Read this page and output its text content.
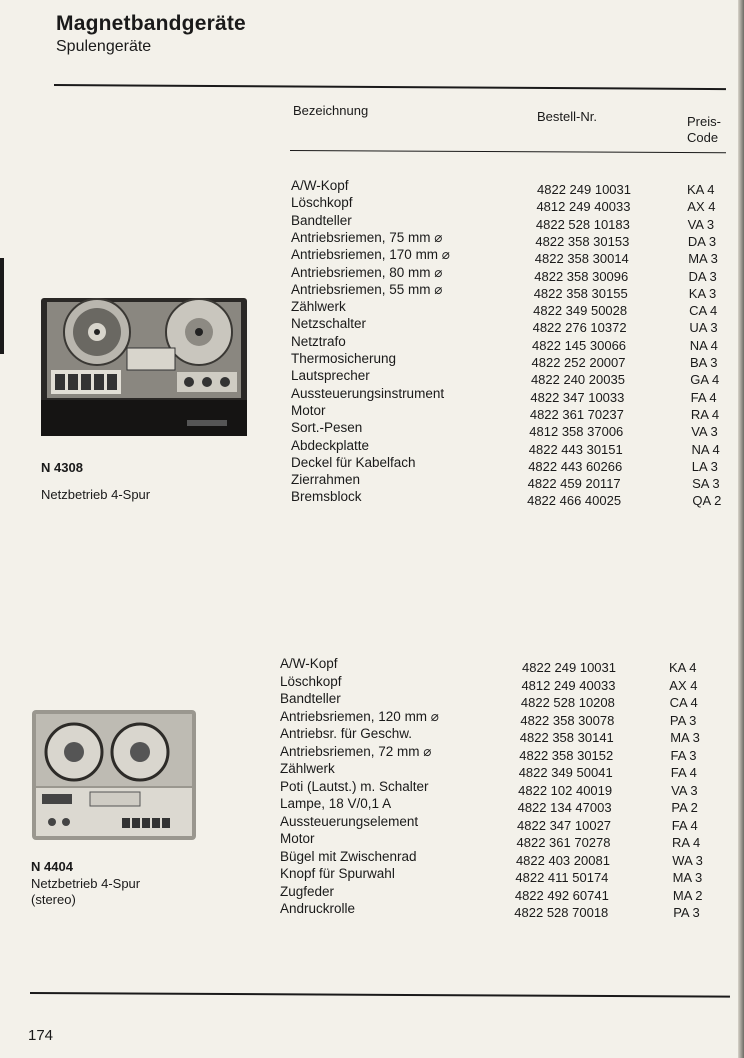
Magnetbandgeräte
Spulengeräte
Bezeichnung	Bestell-Nr.	Preis-
Code
N 4308
Netzbetrieb 4-Spur
N 4404
Netzbetrieb 4-Spur
(stereo)
A/W-Kopf	4822 249 10031	KA 4
Löschkopf	4812 249 40033	AX 4
Bandteller	4822 528 10183	VA 3
Antriebsriemen, 75 mm ⌀	4822 358 30153	DA 3
Antriebsriemen, 170 mm ⌀	4822 358 30014	MA 3
Antriebsriemen, 80 mm ⌀	4822 358 30096	DA 3
Antriebsriemen, 55 mm ⌀	4822 358 30155	KA 3
Zählwerk	4822 349 50028	CA 4
Netzschalter	4822 276 10372	UA 3
Netztrafo	4822 145 30066	NA 4
Thermosicherung	4822 252 20007	BA 3
Lautsprecher	4822 240 20035	GA 4
Aussteuerungsinstrument	4822 347 10033	FA 4
Motor	4822 361 70237	RA 4
Sort.-Pesen	4812 358 37006	VA 3
Abdeckplatte	4822 443 30151	NA 4
Deckel für Kabelfach	4822 443 60266	LA 3
Zierrahmen	4822 459 20117	SA 3
Bremsblock	4822 466 40025	QA 2
A/W-Kopf	4822 249 10031	KA 4
Löschkopf	4812 249 40033	AX 4
Bandteller	4822 528 10208	CA 4
Antriebsriemen, 120 mm ⌀	4822 358 30078	PA 3
Antriebsr. für Geschw.	4822 358 30141	MA 3
Antriebsriemen, 72 mm ⌀	4822 358 30152	FA 3
Zählwerk	4822 349 50041	FA 4
Poti (Lautst.) m. Schalter	4822 102 40019	VA 3
Lampe, 18 V/0,1 A	4822 134 47003	PA 2
Aussteuerungselement	4822 347 10027	FA 4
Motor	4822 361 70278	RA 4
Bügel mit Zwischenrad	4822 403 20081	WA 3
Knopf für Spurwahl	4822 411 50174	MA 3
Zugfeder	4822 492 60741	MA 2
Andruckrolle	4822 528 70018	PA 3
174
